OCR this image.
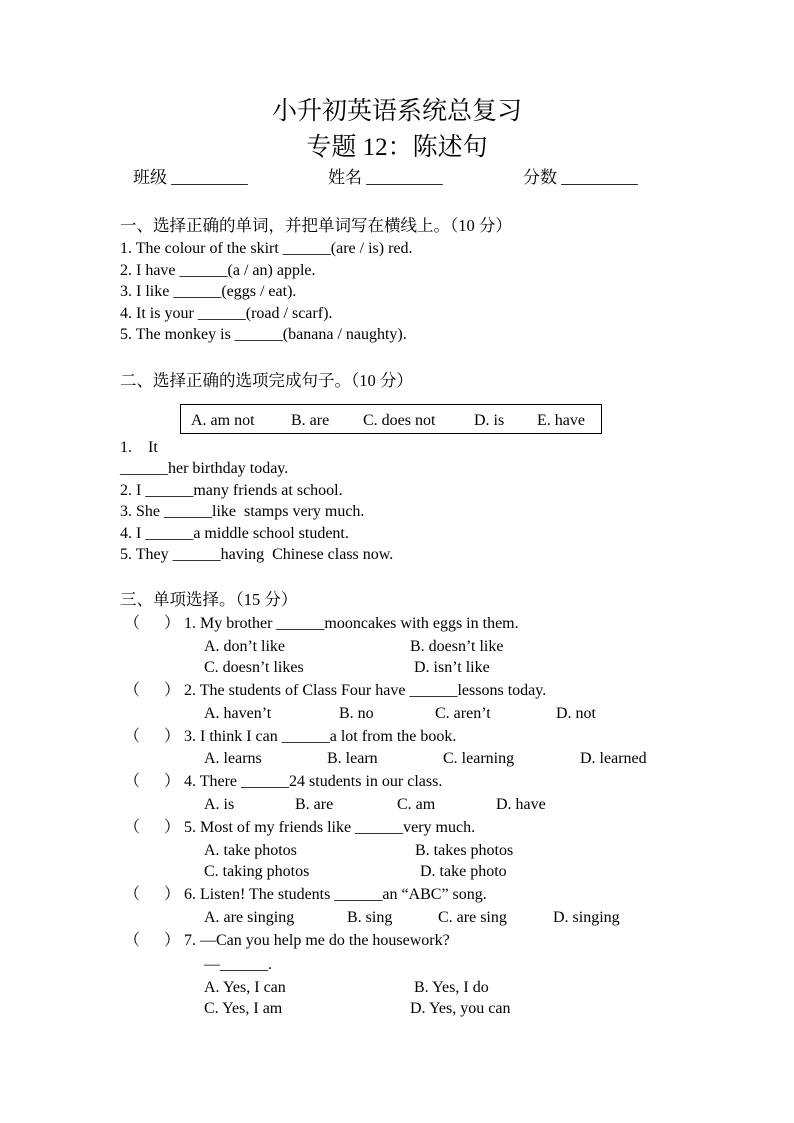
小升初英语系统总复习
专题 12：陈述句
班级 _________	姓名 _________	分数 _________
一、选择正确的单词，并把单词写在横线上。（10 分）
1. The colour of the skirt ______(are / is) red.
2. I have ______(a / an) apple.
3. I like ______(eggs / eat).
4. It is your ______(road / scarf).
5. The monkey is ______(banana / naughty).
二、选择正确的选项完成句子。（10 分）
A. am not B. are C. does not D. is E. have
1.    It
______her birthday today.
2. I ______many friends at school.
3. She ______like  stamps very much.
4. I ______a middle school student.
5. They ______having  Chinese class now.
三、单项选择。（15 分）
（      ） 1. My brother ______mooncakes with eggs in them.
A. don’t like	B. doesn’t like
C. doesn’t likes	D. isn’t like
（      ） 2. The students of Class Four have ______lessons today.
A. haven’t	B. no	C. aren’t	D. not
（      ） 3. I think I can ______a lot from the book.
A. learns	B. learn	C. learning	D. learned
（      ） 4. There ______24 students in our class.
A. is	B. are	C. am	D. have
（      ） 5. Most of my friends like ______very much.
A. take photos	B. takes photos
C. taking photos	D. take photo
（      ） 6. Listen! The students ______an “ABC” song.
A. are singing	B. sing	C. are sing	D. singing
（      ） 7. —Can you help me do the housework?
—______.
A. Yes, I can	B. Yes, I do
C. Yes, I am	D. Yes, you can
